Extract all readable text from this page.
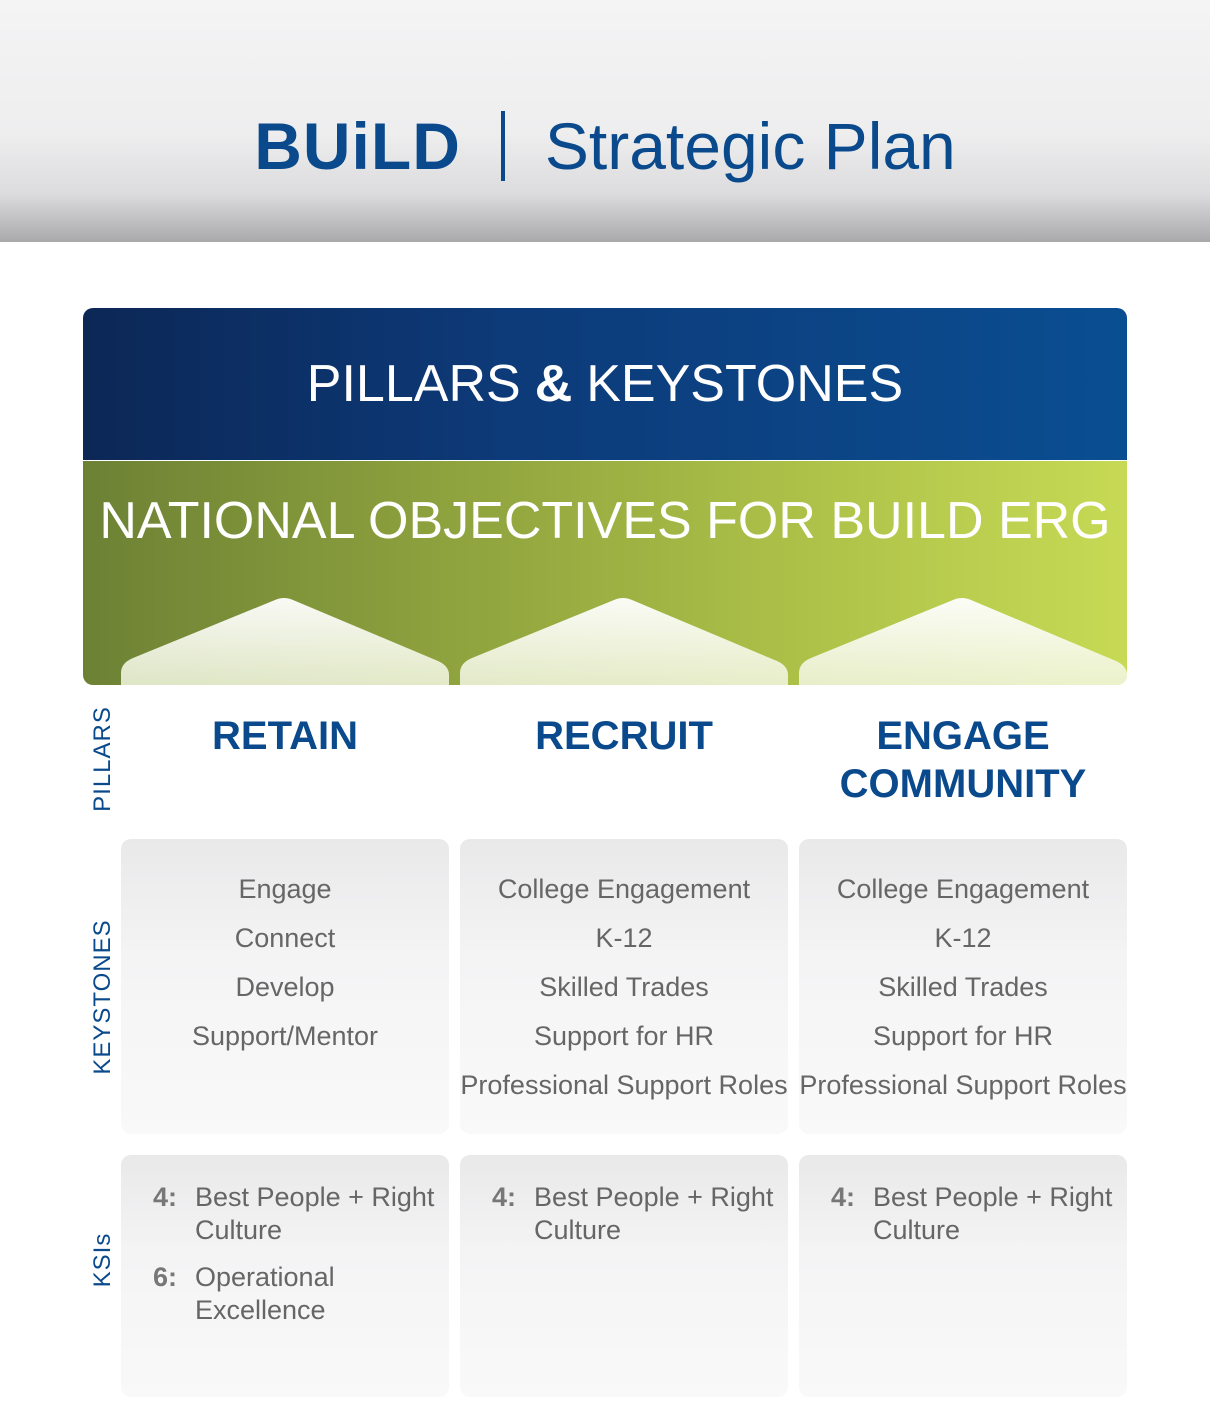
BUiLD Strategic Plan
PILLARS & KEYSTONES
NATIONAL OBJECTIVES FOR BUILD ERG
PILLARS
KEYSTONES
KSIs
RETAIN	RECRUIT	ENGAGE COMMUNITY
Engage
Connect
Develop
Support/Mentor
College Engagement
K-12
Skilled Trades
Support for HR
Professional Support Roles
College Engagement
K-12
Skilled Trades
Support for HR
Professional Support Roles
4: Best People + Right Culture
6: Operational Excellence
4: Best People + Right Culture
4: Best People + Right Culture
